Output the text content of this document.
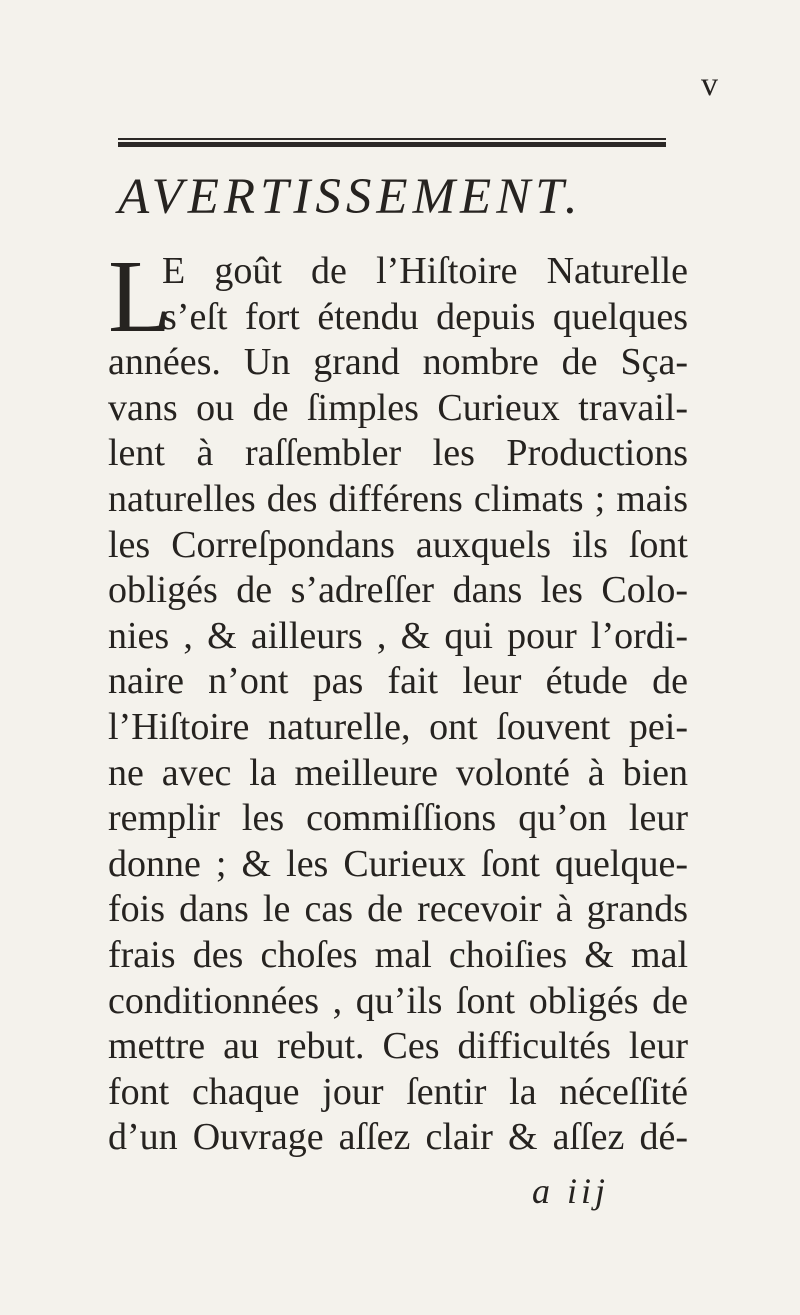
v
AVERTISSEMENT.
L
E goût de l’Hiſtoire Naturelle
s’eſt fort étendu depuis quelques
années. Un grand nombre de Sça-
vans ou de ſimples Curieux travail-
lent à raſſembler les Productions
naturelles des différens climats ; mais
les Correſpondans auxquels ils ſont
obligés de s’adreſſer dans les Colo-
nies , & ailleurs , & qui pour l’ordi-
naire n’ont pas fait leur étude de
l’Hiſtoire naturelle, ont ſouvent pei-
ne avec la meilleure volonté à bien
remplir les commiſſions qu’on leur
donne ; & les Curieux ſont quelque-
fois dans le cas de recevoir à grands
frais des choſes mal choiſies & mal
conditionnées , qu’ils ſont obligés de
mettre au rebut. Ces difficultés leur
font chaque jour ſentir la néceſſité
d’un Ouvrage aſſez clair & aſſez dé-
a iij
